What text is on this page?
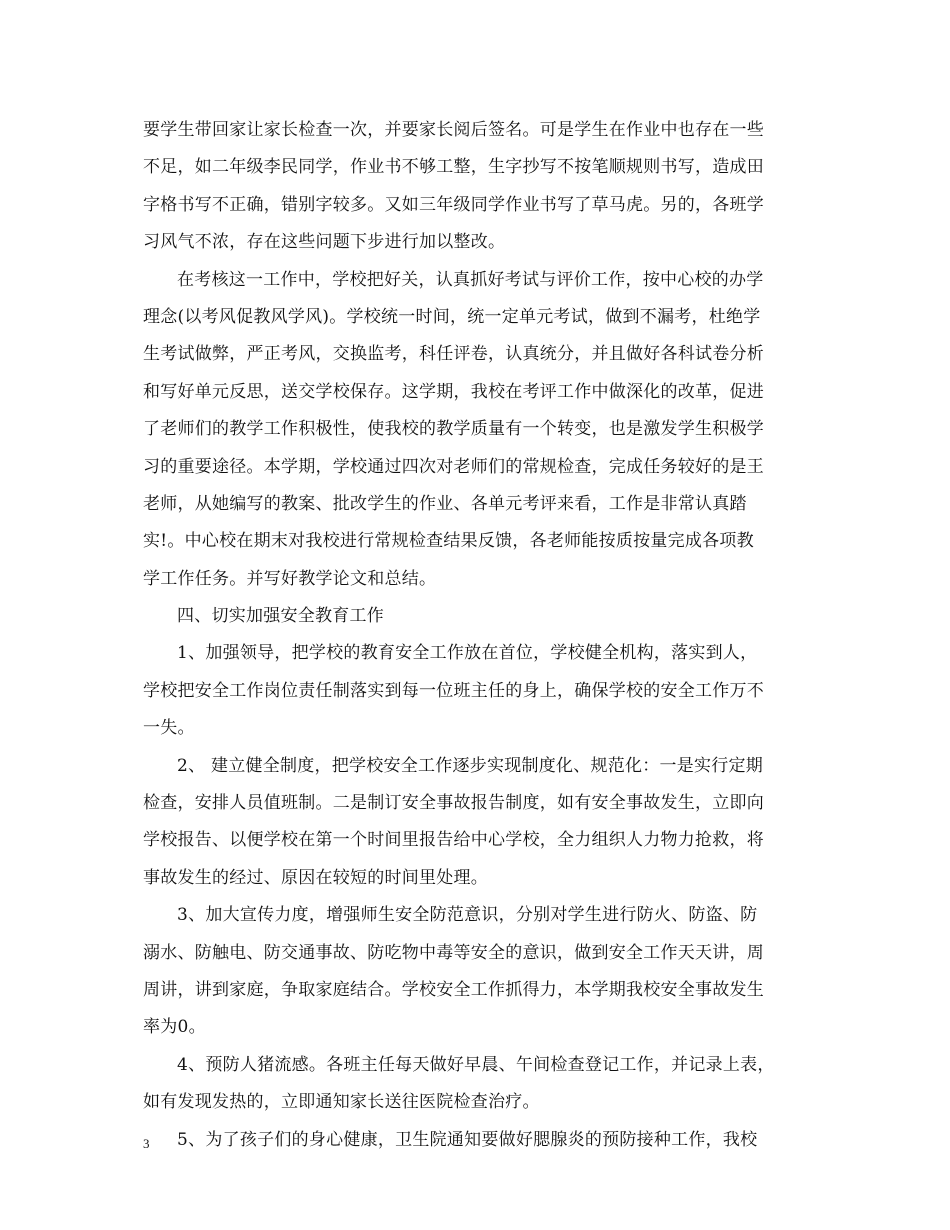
要学生带回家让家长检查一次，并要家长阅后签名。可是学生在作业中也存在一些
不足，如二年级李民同学，作业书不够工整，生字抄写不按笔顺规则书写，造成田
字格书写不正确，错别字较多。又如三年级同学作业书写了草马虎。另的，各班学
习风气不浓，存在这些问题下步进行加以整改。
在考核这一工作中，学校把好关，认真抓好考试与评价工作，按中心校的办学
理念(以考风促教风学风)。学校统一时间，统一定单元考试，做到不漏考，杜绝学
生考试做弊，严正考风，交换监考，科任评卷，认真统分，并且做好各科试卷分析
和写好单元反思，送交学校保存。这学期，我校在考评工作中做深化的改革，促进
了老师们的教学工作积极性，使我校的教学质量有一个转变，也是激发学生积极学
习的重要途径。本学期，学校通过四次对老师们的常规检查，完成任务较好的是王
老师，从她编写的教案、批改学生的作业、各单元考评来看，工作是非常认真踏
实!。中心校在期末对我校进行常规检查结果反馈，各老师能按质按量完成各项教
学工作任务。并写好教学论文和总结。
四、切实加强安全教育工作
1、加强领导，把学校的教育安全工作放在首位，学校健全机构，落实到人，
学校把安全工作岗位责任制落实到每一位班主任的身上，确保学校的安全工作万不
一失。
2、 建立健全制度，把学校安全工作逐步实现制度化、规范化：一是实行定期
检查，安排人员值班制。二是制订安全事故报告制度，如有安全事故发生，立即向
学校报告、以便学校在第一个时间里报告给中心学校，全力组织人力物力抢救，将
事故发生的经过、原因在较短的时间里处理。
3、加大宣传力度，增强师生安全防范意识，分别对学生进行防火、防盗、防
溺水、防触电、防交通事故、防吃物中毒等安全的意识，做到安全工作天天讲，周
周讲，讲到家庭，争取家庭结合。学校安全工作抓得力，本学期我校安全事故发生
率为0。
4、预防人猪流感。各班主任每天做好早晨、午间检查登记工作，并记录上表，
如有发现发热的，立即通知家长送往医院检查治疗。
5、为了孩子们的身心健康，卫生院通知要做好腮腺炎的预防接种工作，我校
3
